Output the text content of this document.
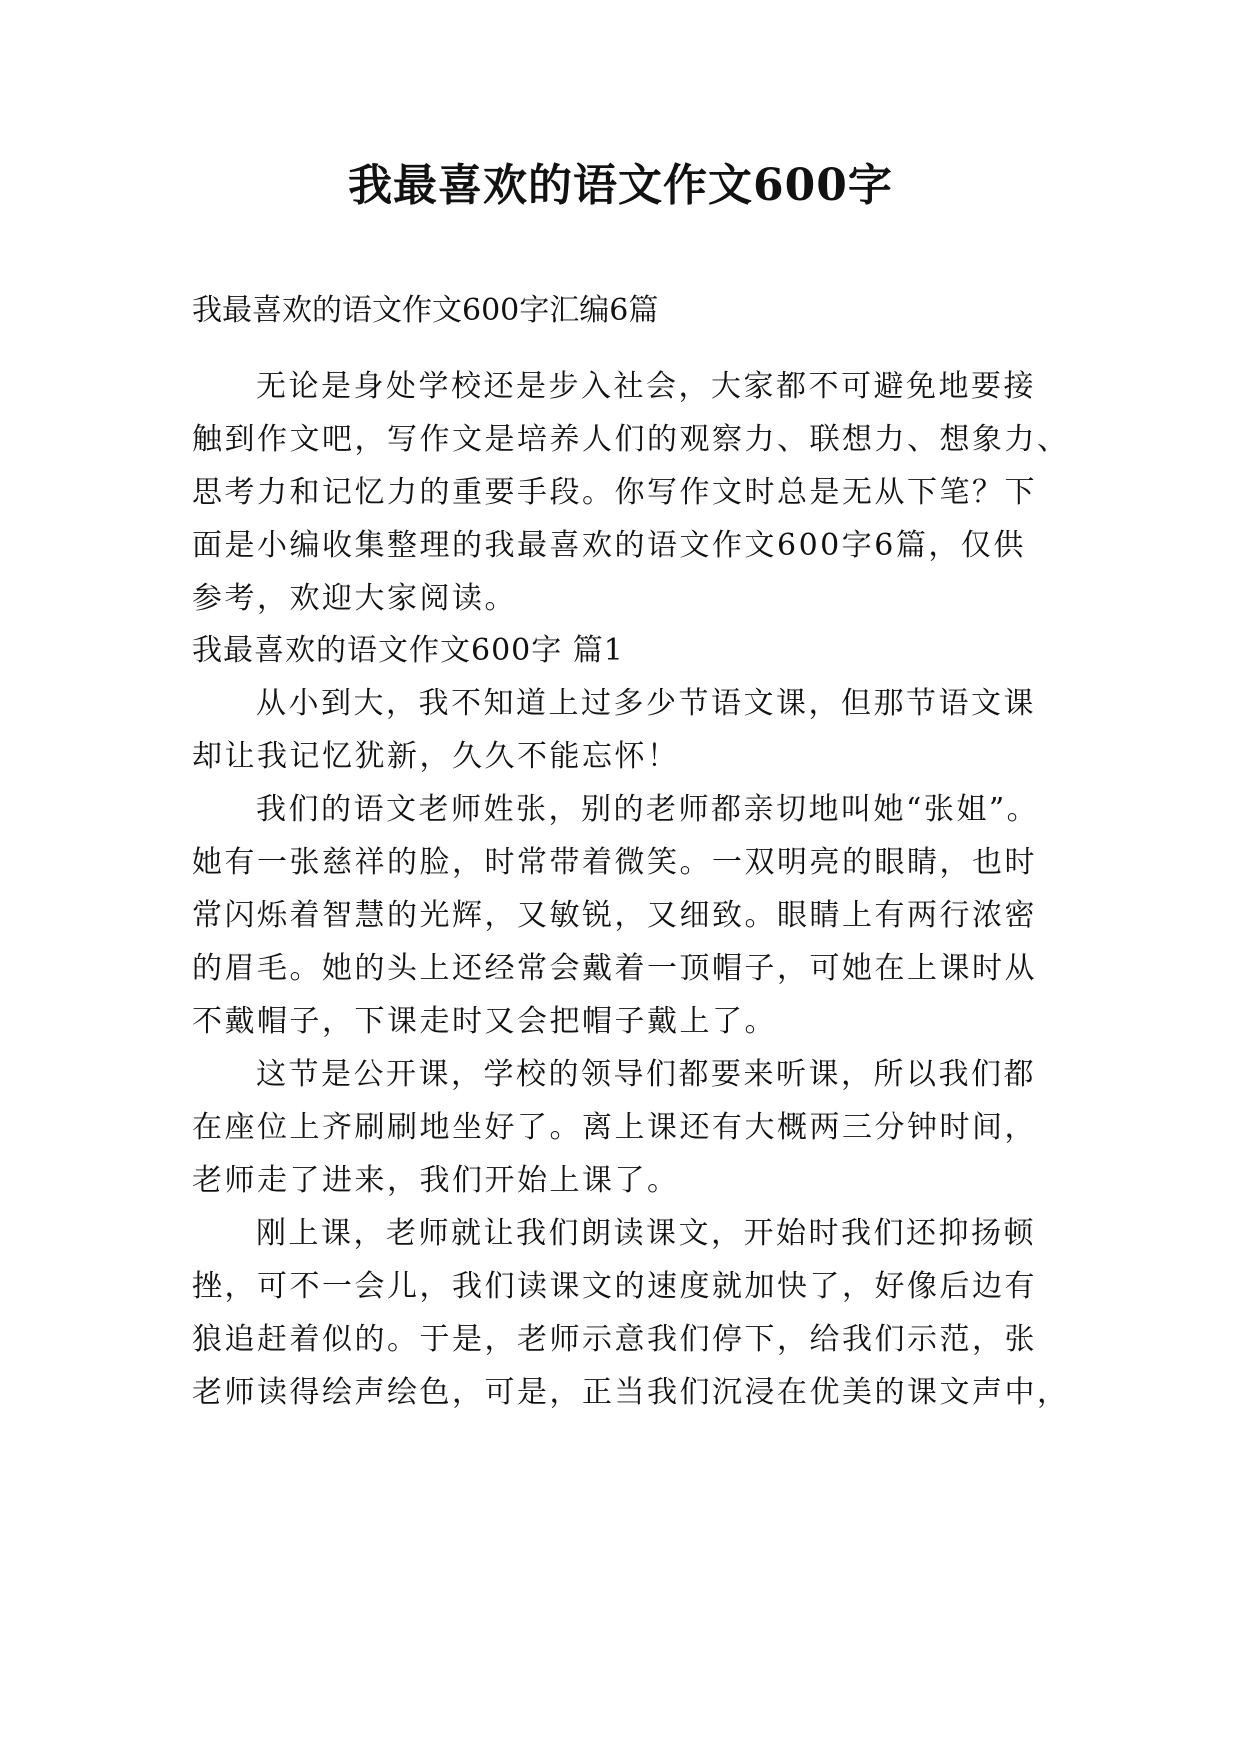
我最喜欢的语文作文600字
我最喜欢的语文作文600字汇编6篇
无论是身处学校还是步入社会，大家都不可避免地要接
触到作文吧，写作文是培养人们的观察力、联想力、想象力、
思考力和记忆力的重要手段。你写作文时总是无从下笔？下
面是小编收集整理的我最喜欢的语文作文600字6篇，仅供
参考，欢迎大家阅读。
我最喜欢的语文作文600字 篇1
从小到大，我不知道上过多少节语文课，但那节语文课
却让我记忆犹新，久久不能忘怀！
我们的语文老师姓张，别的老师都亲切地叫她“张姐”。
她有一张慈祥的脸，时常带着微笑。一双明亮的眼睛，也时
常闪烁着智慧的光辉，又敏锐，又细致。眼睛上有两行浓密
的眉毛。她的头上还经常会戴着一顶帽子，可她在上课时从
不戴帽子，下课走时又会把帽子戴上了。
这节是公开课，学校的领导们都要来听课，所以我们都
在座位上齐刷刷地坐好了。离上课还有大概两三分钟时间，
老师走了进来，我们开始上课了。
刚上课，老师就让我们朗读课文，开始时我们还抑扬顿
挫，可不一会儿，我们读课文的速度就加快了，好像后边有
狼追赶着似的。于是，老师示意我们停下，给我们示范，张
老师读得绘声绘色，可是，正当我们沉浸在优美的课文声中，
